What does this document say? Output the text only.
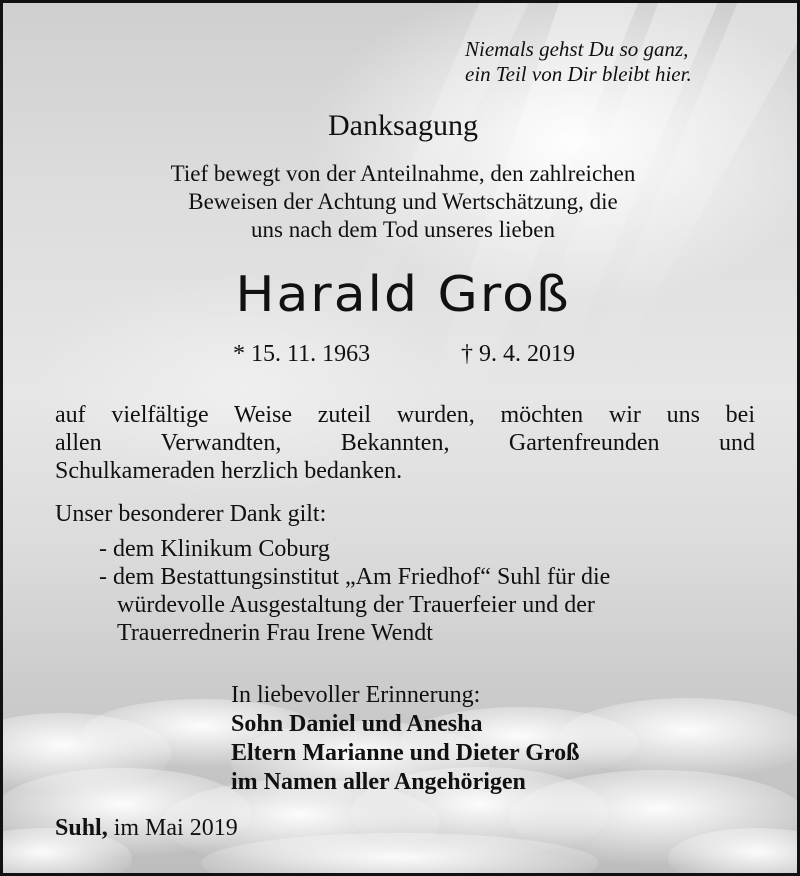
Niemals gehst Du so ganz,
ein Teil von Dir bleibt hier.
Danksagung
Tief bewegt von der Anteilnahme, den zahlreichen
Beweisen der Achtung und Wertschätzung, die
uns nach dem Tod unseres lieben
Harald Groß
* 15. 11. 1963	† 9. 4. 2019
auf vielfältige Weise zuteil wurden, möchten wir uns bei
allen Verwandten, Bekannten, Gartenfreunden und
Schulkameraden herzlich bedanken.
Unser besonderer Dank gilt:
- dem Klinikum Coburg
- dem Bestattungsinstitut „Am Friedhof“ Suhl für die
würdevolle Ausgestaltung der Trauerfeier und der
Trauerrednerin Frau Irene Wendt
In liebevoller Erinnerung:
Sohn Daniel und Anesha
Eltern Marianne und Dieter Groß
im Namen aller Angehörigen
Suhl, im Mai 2019
